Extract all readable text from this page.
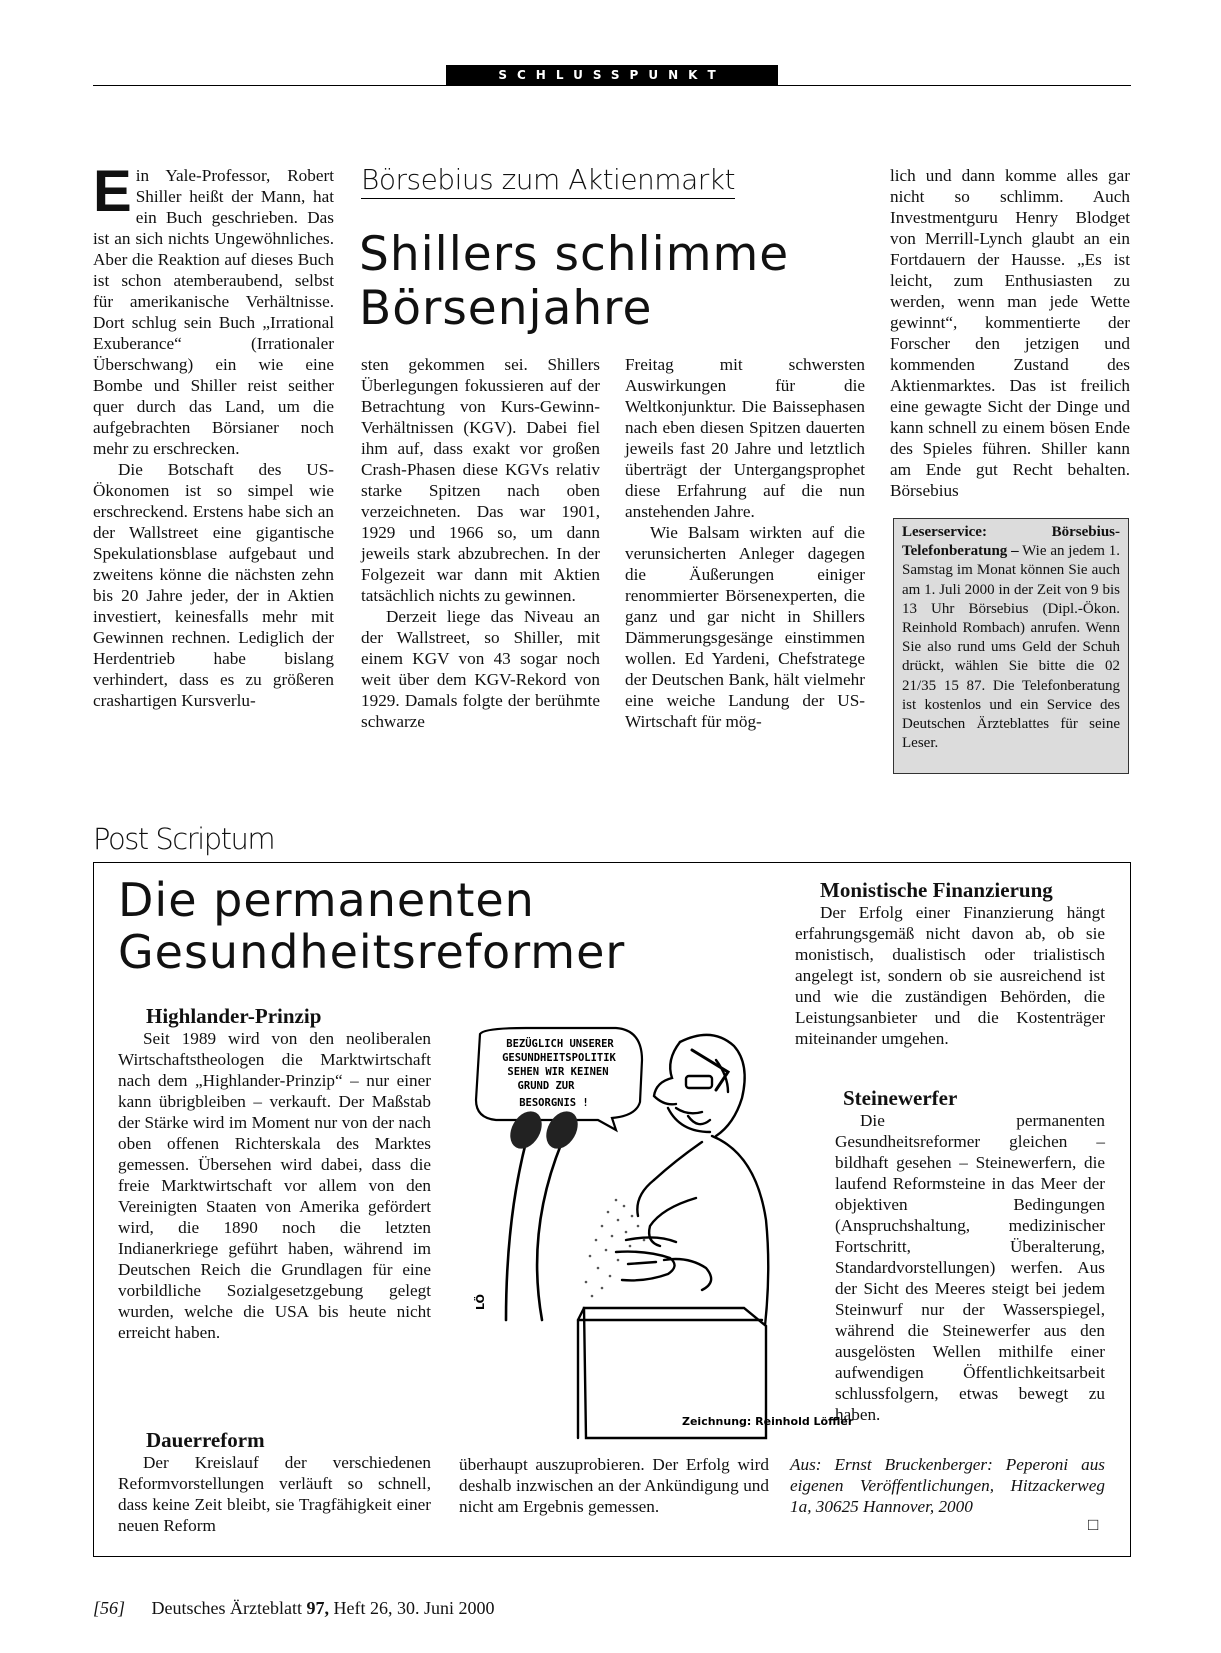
SCHLUSSPUNKT

Ein Yale-Professor, Robert Shiller heißt der Mann, hat ein Buch geschrieben. Das ist an sich nichts Ungewöhnliches. Aber die Reaktion auf dieses Buch ist schon atemberaubend, selbst für amerikanische Verhältnisse. Dort schlug sein Buch „Irrational Exuberance“ (Irrationaler Überschwang) ein wie eine Bombe und Shiller reist seither quer durch das Land, um die aufgebrachten Börsianer noch mehr zu erschrecken.

Die Botschaft des US-Ökonomen ist so simpel wie erschreckend. Erstens habe sich an der Wallstreet eine gigantische Spekulationsblase aufgebaut und zweitens könne die nächsten zehn bis 20 Jahre jeder, der in Aktien investiert, keinesfalls mehr mit Gewinnen rechnen. Lediglich der Herdentrieb habe bislang verhindert, dass es zu größeren crashartigen Kursverlu-

Börsebius zum Aktienmarkt
Shillers schlimme
Börsenjahre

sten gekommen sei. Shillers Überlegungen fokussieren auf der Betrachtung von Kurs-Gewinn-Verhältnissen (KGV). Dabei fiel ihm auf, dass exakt vor großen Crash-Phasen diese KGVs relativ starke Spitzen nach oben verzeichneten. Das war 1901, 1929 und 1966 so, um dann jeweils stark abzubrechen. In der Folgezeit war dann mit Aktien tatsächlich nichts zu gewinnen.

Derzeit liege das Niveau an der Wallstreet, so Shiller, mit einem KGV von 43 sogar noch weit über dem KGV-Rekord von 1929. Damals folgte der berühmte schwarze

Freitag mit schwersten Auswirkungen für die Weltkonjunktur. Die Baissephasen nach eben diesen Spitzen dauerten jeweils fast 20 Jahre und letztlich überträgt der Untergangsprophet diese Erfahrung auf die nun anstehenden Jahre.

Wie Balsam wirkten auf die verunsicherten Anleger dagegen die Äußerungen einiger renommierter Börsenexperten, die ganz und gar nicht in Shillers Dämmerungsgesänge einstimmen wollen. Ed Yardeni, Chefstratege der Deutschen Bank, hält vielmehr eine weiche Landung der US-Wirtschaft für mög-

lich und dann komme alles gar nicht so schlimm. Auch Investmentguru Henry Blodget von Merrill-Lynch glaubt an ein Fortdauern der Hausse. „Es ist leicht, zum Enthusiasten zu werden, wenn man jede Wette gewinnt“, kommentierte der Forscher den jetzigen und kommenden Zustand des Aktienmarktes. Das ist freilich eine gewagte Sicht der Dinge und kann schnell zu einem bösen Ende des Spieles führen. Shiller kann am Ende gut Recht behalten. Börsebius

Leserservice: Börsebius-Telefonberatung – Wie an jedem 1. Samstag im Monat können Sie auch am 1. Juli 2000 in der Zeit von 9 bis 13 Uhr Börsebius (Dipl.-Ökon. Reinhold Rombach) anrufen. Wenn Sie also rund ums Geld der Schuh drückt, wählen Sie bitte die 02 21/35 15 87. Die Telefonberatung ist kostenlos und ein Service des Deutschen Ärzteblattes für seine Leser.
Post Scriptum
Die permanenten
Gesundheitsreformer

Highlander-Prinzip

Seit 1989 wird von den neoliberalen Wirtschaftstheologen die Marktwirtschaft nach dem „Highlander-Prinzip“ – nur einer kann übrigbleiben – verkauft. Der Maßstab der Stärke wird im Moment nur von der nach oben offenen Richterskala des Marktes gemessen. Übersehen wird dabei, dass die freie Marktwirtschaft vor allem von den Vereinigten Staaten von Amerika gefördert wird, die 1890 noch die letzten Indianerkriege geführt haben, während im Deutschen Reich die Grundlagen für eine vorbildliche Sozialgesetzgebung gelegt wurden, welche die USA bis heute nicht erreicht haben.

Dauerreform

Der Kreislauf der verschiedenen Reformvorstellungen verläuft so schnell, dass keine Zeit bleibt, sie Tragfähigkeit einer neuen Reform

überhaupt auszuprobieren. Der Erfolg wird deshalb inzwischen an der Ankündigung und nicht am Ergebnis gemessen.

Monistische Finanzierung

Der Erfolg einer Finanzierung hängt erfahrungsgemäß nicht davon ab, ob sie monistisch, dualistisch oder trialistisch angelegt ist, sondern ob sie ausreichend ist und wie die zuständigen Behörden, die Leistungsanbieter und die Kostenträger miteinander umgehen.

Steinewerfer

Die permanenten Gesundheitsreformer gleichen – bildhaft gesehen – Steinewerfern, die laufend Reformsteine in das Meer der objektiven Bedingungen (Anspruchshaltung, medizinischer Fortschritt, Überalterung, Standardvorstellungen) werfen. Aus der Sicht des Meeres steigt bei jedem Steinwurf nur der Wasserspiegel, während die Steinewerfer aus den ausgelösten Wellen mithilfe einer aufwendigen Öffentlichkeitsarbeit schlussfolgern, etwas bewegt zu haben.

Aus: Ernst Bruckenberger: Peperoni aus eigenen Veröffentlichungen, Hitzackerweg 1a, 30625 Hannover, 2000
□
BEZÜGLICH UNSERER
GESUNDHEITSPOLITIK
SEHEN WIR KEINEN
GRUND ZUR
BESORGNIS !
LÖ
Zeichnung: Reinhold Löffler
[56] Deutsches Ärzteblatt 97, Heft 26, 30. Juni 2000
